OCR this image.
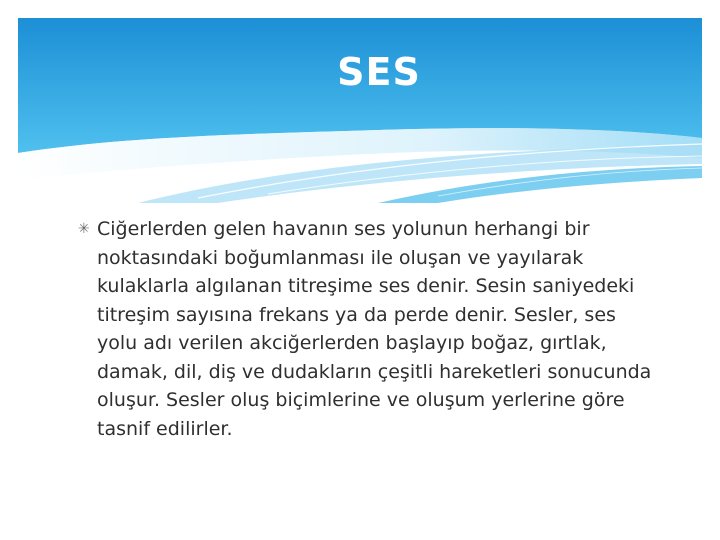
SES
✳ Ciğerlerden gelen havanın ses yolunun herhangi bir noktasındaki boğumlanması ile oluşan ve yayılarak kulaklarla algılanan titreşime ses denir. Sesin saniyedeki titreşim sayısına frekans ya da perde denir. Sesler, ses yolu adı verilen akciğerlerden başlayıp boğaz, gırtlak, damak, dil, diş ve dudakların çeşitli hareketleri sonucunda oluşur. Sesler oluş biçimlerine ve oluşum yerlerine göre tasnif edilirler.
